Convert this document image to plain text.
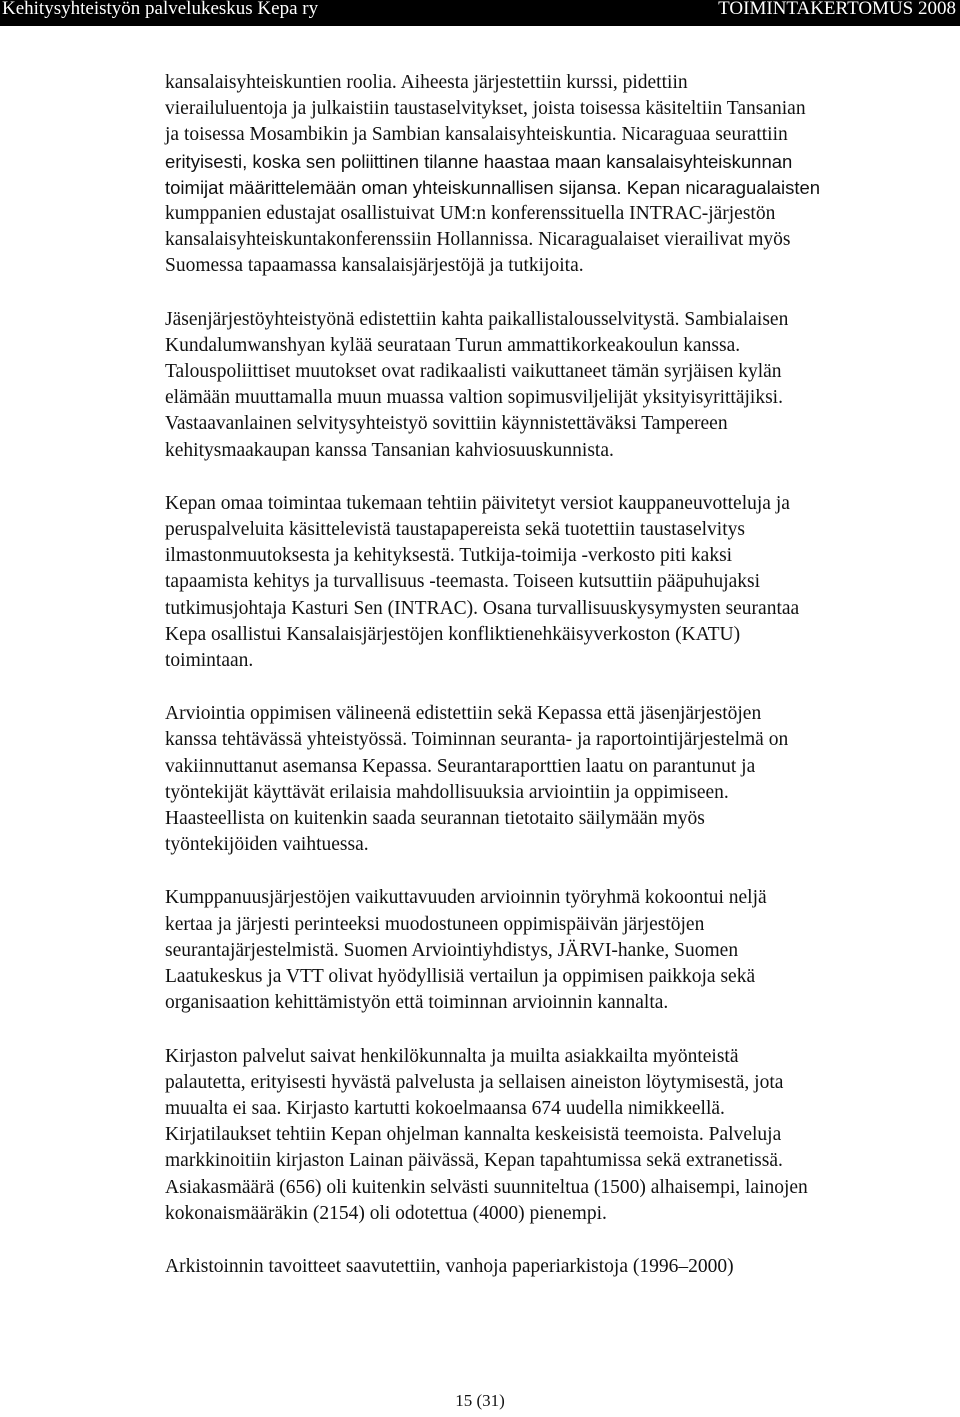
Kehitysyhteistyön palvelukeskus Kepa ry	TOIMINTAKERTOMUS 2008

kansalaisyhteiskuntien roolia. Aiheesta järjestettiin kurssi, pidettiin
vierailuluentoja ja julkaistiin taustaselvitykset, joista toisessa käsiteltiin Tansanian
ja toisessa Mosambikin ja Sambian kansalaisyhteiskuntia. Nicaraguaa seurattiin
erityisesti, koska sen poliittinen tilanne haastaa maan kansalaisyhteiskunnan
toimijat määrittelemään oman yhteiskunnallisen sijansa. Kepan nicaragualaisten
kumppanien edustajat osallistuivat UM:n konferenssituella INTRAC-järjestön
kansalaisyhteiskuntakonferenssiin Hollannissa. Nicaragualaiset vierailivat myös
Suomessa tapaamassa kansalaisjärjestöjä ja tutkijoita.

Jäsenjärjestöyhteistyönä edistettiin kahta paikallistalousselvitystä. Sambialaisen
Kundalumwanshyan kylää seurataan Turun ammattikorkeakoulun kanssa.
Talouspoliittiset muutokset ovat radikaalisti vaikuttaneet tämän syrjäisen kylän
elämään muuttamalla muun muassa valtion sopimusviljelijät yksityisyrittäjiksi.
Vastaavanlainen selvitysyhteistyö sovittiin käynnistettäväksi Tampereen
kehitysmaakaupan kanssa Tansanian kahviosuuskunnista.

Kepan omaa toimintaa tukemaan tehtiin päivitetyt versiot kauppaneuvotteluja ja
peruspalveluita käsittelevistä taustapapereista sekä tuotettiin taustaselvitys
ilmastonmuutoksesta ja kehityksestä. Tutkija-toimija -verkosto piti kaksi
tapaamista kehitys ja turvallisuus -teemasta. Toiseen kutsuttiin pääpuhujaksi
tutkimusjohtaja Kasturi Sen (INTRAC). Osana turvallisuuskysymysten seurantaa
Kepa osallistui Kansalaisjärjestöjen konfliktienehkäisyverkoston (KATU)
toimintaan.

Arviointia oppimisen välineenä edistettiin sekä Kepassa että jäsenjärjestöjen
kanssa tehtävässä yhteistyössä. Toiminnan seuranta- ja raportointijärjestelmä on
vakiinnuttanut asemansa Kepassa. Seurantaraporttien laatu on parantunut ja
työntekijät käyttävät erilaisia mahdollisuuksia arviointiin ja oppimiseen.
Haasteellista on kuitenkin saada seurannan tietotaito säilymään myös
työntekijöiden vaihtuessa.

Kumppanuusjärjestöjen vaikuttavuuden arvioinnin työryhmä kokoontui neljä
kertaa ja järjesti perinteeksi muodostuneen oppimispäivän järjestöjen
seurantajärjestelmistä. Suomen Arviointiyhdistys, JÄRVI-hanke, Suomen
Laatukeskus ja VTT olivat hyödyllisiä vertailun ja oppimisen paikkoja sekä
organisaation kehittämistyön että toiminnan arvioinnin kannalta.

Kirjaston palvelut saivat henkilökunnalta ja muilta asiakkailta myönteistä
palautetta, erityisesti hyvästä palvelusta ja sellaisen aineiston löytymisestä, jota
muualta ei saa. Kirjasto kartutti kokoelmaansa 674 uudella nimikkeellä.
Kirjatilaukset tehtiin Kepan ohjelman kannalta keskeisistä teemoista. Palveluja
markkinoitiin kirjaston Lainan päivässä, Kepan tapahtumissa sekä extranetissä.
Asiakasmäärä (656) oli kuitenkin selvästi suunniteltua (1500) alhaisempi, lainojen
kokonaismääräkin (2154) oli odotettua (4000) pienempi.

Arkistoinnin tavoitteet saavutettiin, vanhoja paperiarkistoja (1996–2000)

15 (31)
